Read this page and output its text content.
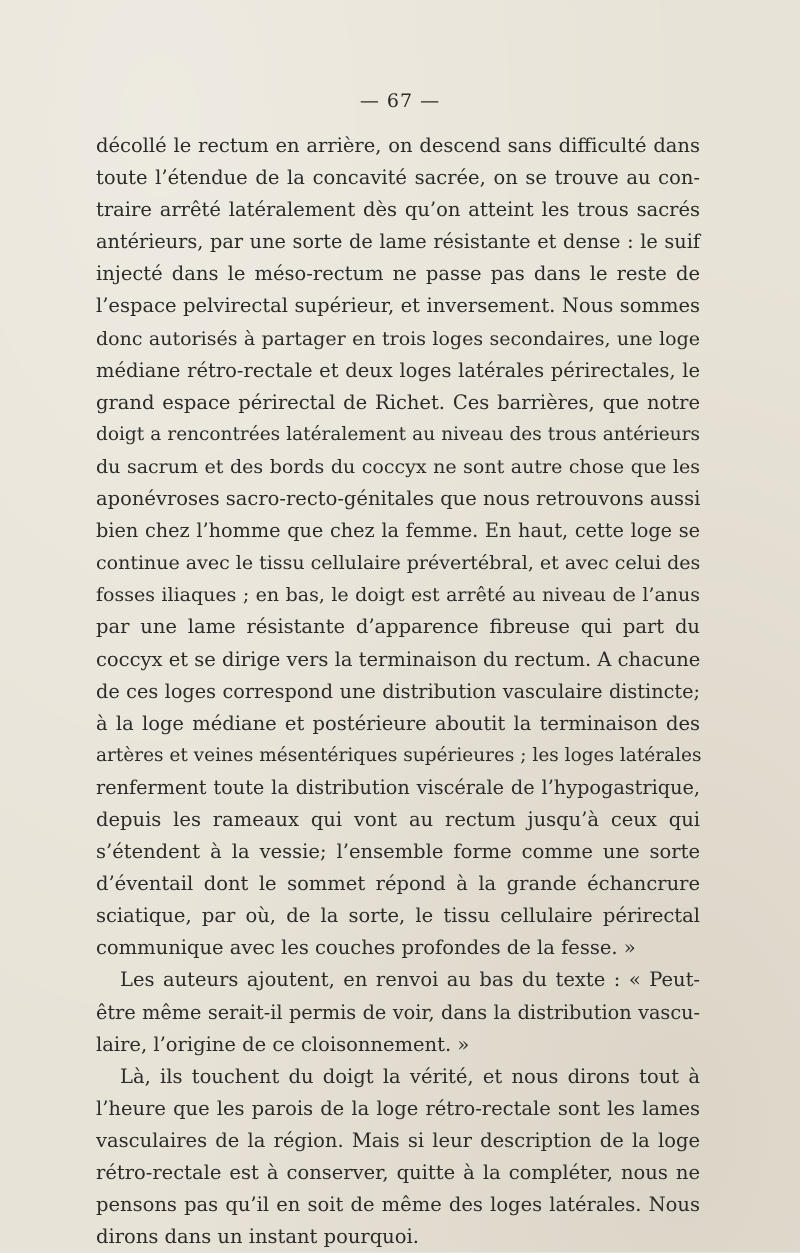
— 67 —
décollé le rectum en arrière, on descend sans difficulté dans
toute l’étendue de la concavité sacrée, on se trouve au con-
traire arrêté latéralement dès qu’on atteint les trous sacrés
antérieurs, par une sorte de lame résistante et dense : le suif
injecté dans le méso-rectum ne passe pas dans le reste de
l’espace pelvirectal supérieur, et inversement. Nous sommes
donc autorisés à partager en trois loges secondaires, une loge
médiane rétro-rectale et deux loges latérales périrectales, le
grand espace périrectal de Richet. Ces barrières, que notre
doigt a rencontrées latéralement au niveau des trous antérieurs
du sacrum et des bords du coccyx ne sont autre chose que les
aponévroses sacro-recto-génitales que nous retrouvons aussi
bien chez l’homme que chez la femme. En haut, cette loge se
continue avec le tissu cellulaire prévertébral, et avec celui des
fosses iliaques ; en bas, le doigt est arrêté au niveau de l’anus
par une lame résistante d’apparence fibreuse qui part du
coccyx et se dirige vers la terminaison du rectum. A chacune
de ces loges correspond une distribution vasculaire distincte;
à la loge médiane et postérieure aboutit la terminaison des
artères et veines mésentériques supérieures ; les loges latérales
renferment toute la distribution viscérale de l’hypogastrique,
depuis les rameaux qui vont au rectum jusqu’à ceux qui
s’étendent à la vessie; l’ensemble forme comme une sorte
d’éventail dont le sommet répond à la grande échancrure
sciatique, par où, de la sorte, le tissu cellulaire périrectal
communique avec les couches profondes de la fesse. »
Les auteurs ajoutent, en renvoi au bas du texte : « Peut-
être même serait-il permis de voir, dans la distribution vascu-
laire, l’origine de ce cloisonnement. »
Là, ils touchent du doigt la vérité, et nous dirons tout à
l’heure que les parois de la loge rétro-rectale sont les lames
vasculaires de la région. Mais si leur description de la loge
rétro-rectale est à conserver, quitte à la compléter, nous ne
pensons pas qu’il en soit de même des loges latérales. Nous
dirons dans un instant pourquoi.
